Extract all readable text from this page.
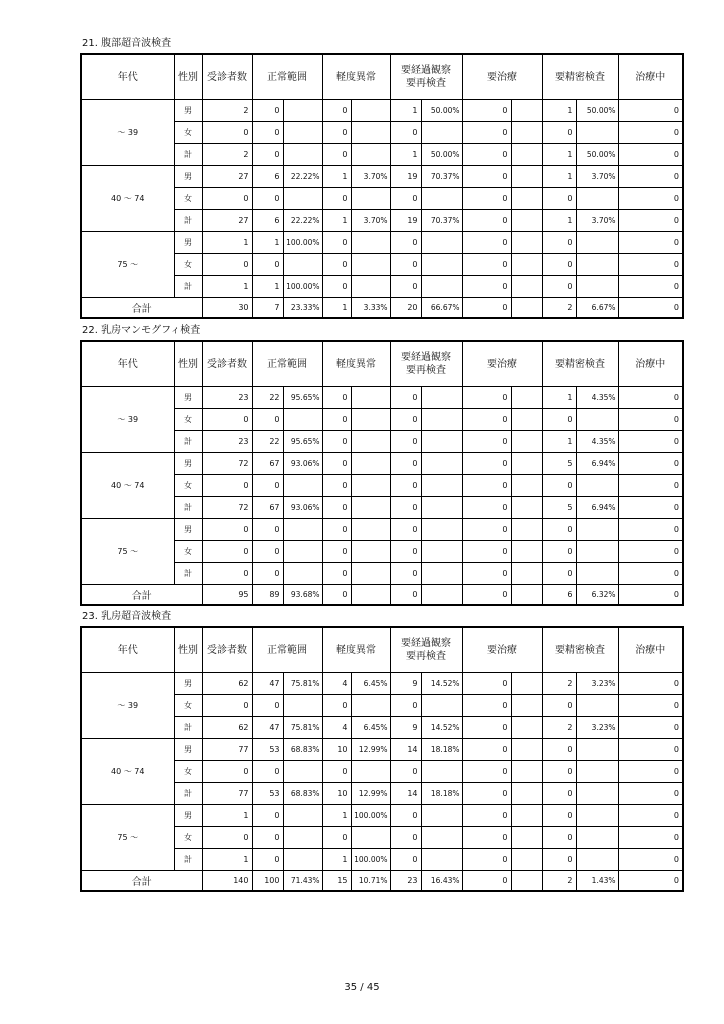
21. 腹部超音波検査
年代	性別	受診者数	正常範囲		軽度異常		要経過観察
要再検査		要治療		要精密検査		治療中
～ 39	男	2	0		0		1	50.00%	0		1	50.00%	0
	女	0	0		0		0		0		0		0
	計	2	0		0		1	50.00%	0		1	50.00%	0
40 ～ 74	男	27	6	22.22%	1	3.70%	19	70.37%	0		1	3.70%	0
	女	0	0		0		0		0		0		0
	計	27	6	22.22%	1	3.70%	19	70.37%	0		1	3.70%	0
75 ～	男	1	1	100.00%	0		0		0		0		0
	女	0	0		0		0		0		0		0
	計	1	1	100.00%	0		0		0		0		0
合計		30	7	23.33%	1	3.33%	20	66.67%	0		2	6.67%	0
22. 乳房マンモグフィ検査
年代	性別	受診者数	正常範囲		軽度異常		要経過観察
要再検査		要治療		要精密検査		治療中
～ 39	男	23	22	95.65%	0		0		0		1	4.35%	0
	女	0	0		0		0		0		0		0
	計	23	22	95.65%	0		0		0		1	4.35%	0
40 ～ 74	男	72	67	93.06%	0		0		0		5	6.94%	0
	女	0	0		0		0		0		0		0
	計	72	67	93.06%	0		0		0		5	6.94%	0
75 ～	男	0	0		0		0		0		0		0
	女	0	0		0		0		0		0		0
	計	0	0		0		0		0		0		0
合計		95	89	93.68%	0		0		0		6	6.32%	0
23. 乳房超音波検査
年代	性別	受診者数	正常範囲		軽度異常		要経過観察
要再検査		要治療		要精密検査		治療中
～ 39	男	62	47	75.81%	4	6.45%	9	14.52%	0		2	3.23%	0
	女	0	0		0		0		0		0		0
	計	62	47	75.81%	4	6.45%	9	14.52%	0		2	3.23%	0
40 ～ 74	男	77	53	68.83%	10	12.99%	14	18.18%	0		0		0
	女	0	0		0		0		0		0		0
	計	77	53	68.83%	10	12.99%	14	18.18%	0		0		0
75 ～	男	1	0		1	100.00%	0		0		0		0
	女	0	0		0		0		0		0		0
	計	1	0		1	100.00%	0		0		0		0
合計		140	100	71.43%	15	10.71%	23	16.43%	0		2	1.43%	0
35 / 45
